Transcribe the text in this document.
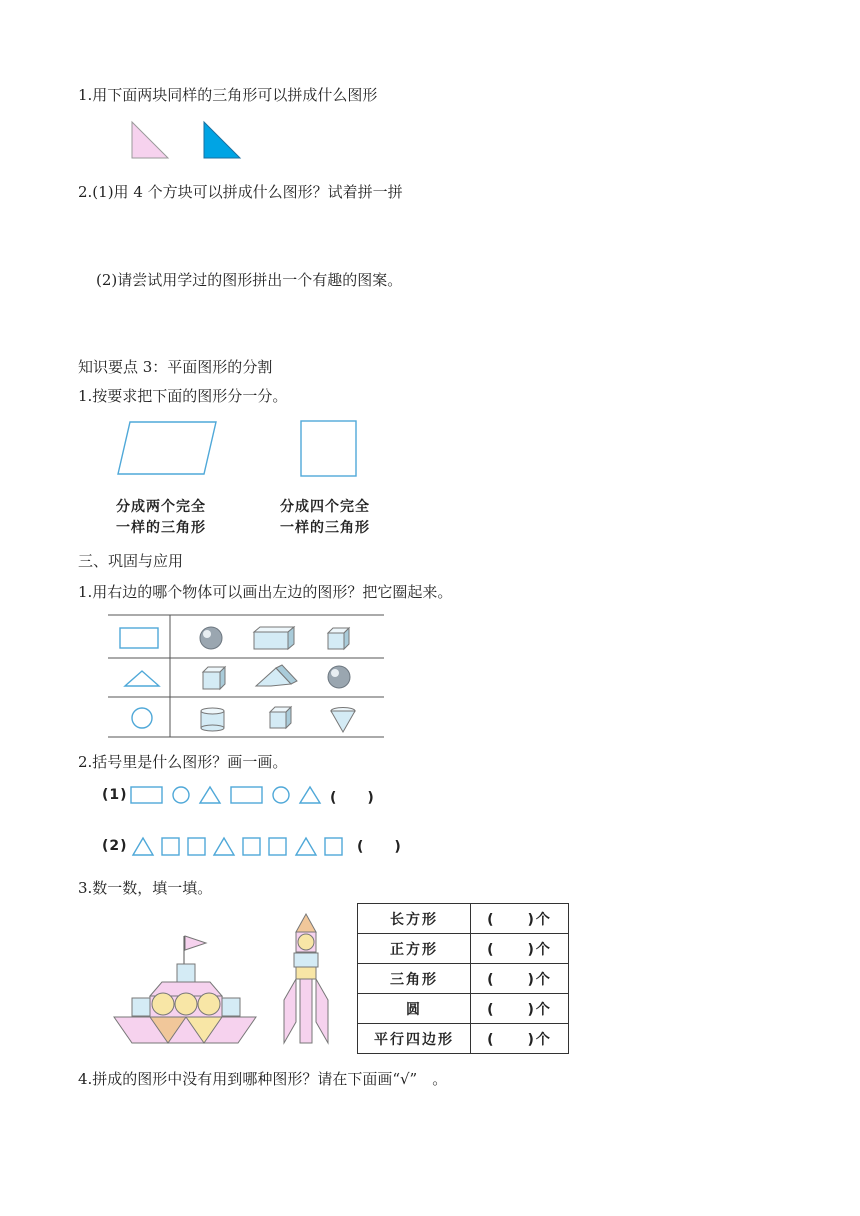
1.用下面两块同样的三角形可以拼成什么图形
2.(1)用 4 个方块可以拼成什么图形？试着拼一拼
(2)请尝试用学过的图形拼出一个有趣的图案。
知识要点 3：平面图形的分割
1.按要求把下面的图形分一分。
分成两个完全
一样的三角形
分成四个完全
一样的三角形
三、巩固与应用
1.用右边的哪个物体可以画出左边的图形？把它圈起来。
2.括号里是什么图形？画一画。
(1)	(　　)
(2)	(　　)
3.数一数，填一填。
4.拼成的图形中没有用到哪种图形？请在下面画“√”　。
长方形	(　　)个
正方形	(　　)个
三角形	(　　)个
圆	(　　)个
平行四边形	(　　)个
